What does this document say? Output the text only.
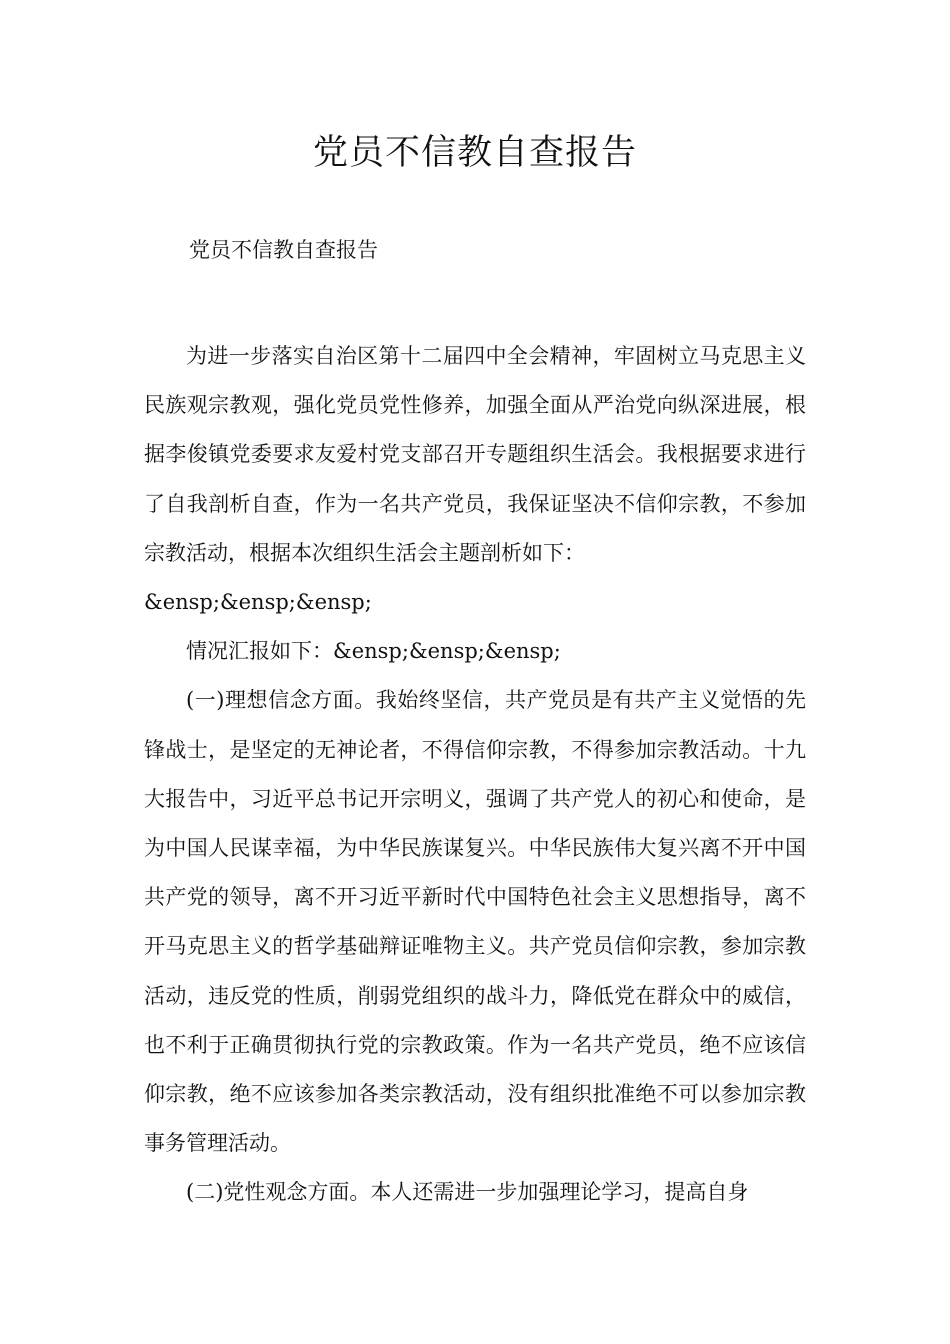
党员不信教自查报告

党员不信教自查报告

为进一步落实自治区第十二届四中全会精神，牢固树立马克思主义民族观宗教观，强化党员党性修养，加强全面从严治党向纵深进展，根据李俊镇党委要求友爱村党支部召开专题组织生活会。我根据要求进行了自我剖析自查，作为一名共产党员，我保证坚决不信仰宗教，不参加宗教活动，根据本次组织生活会主题剖析如下：

&ensp;&ensp;&ensp;

情况汇报如下：&ensp;&ensp;&ensp;

(一)理想信念方面。我始终坚信，共产党员是有共产主义觉悟的先锋战士，是坚定的无神论者，不得信仰宗教，不得参加宗教活动。十九大报告中，习近平总书记开宗明义，强调了共产党人的初心和使命，是为中国人民谋幸福，为中华民族谋复兴。中华民族伟大复兴离不开中国共产党的领导，离不开习近平新时代中国特色社会主义思想指导，离不开马克思主义的哲学基础辩证唯物主义。共产党员信仰宗教，参加宗教活动，违反党的性质，削弱党组织的战斗力，降低党在群众中的威信，也不利于正确贯彻执行党的宗教政策。作为一名共产党员，绝不应该信仰宗教，绝不应该参加各类宗教活动，没有组织批准绝不可以参加宗教事务管理活动。

(二)党性观念方面。本人还需进一步加强理论学习，提高自身
